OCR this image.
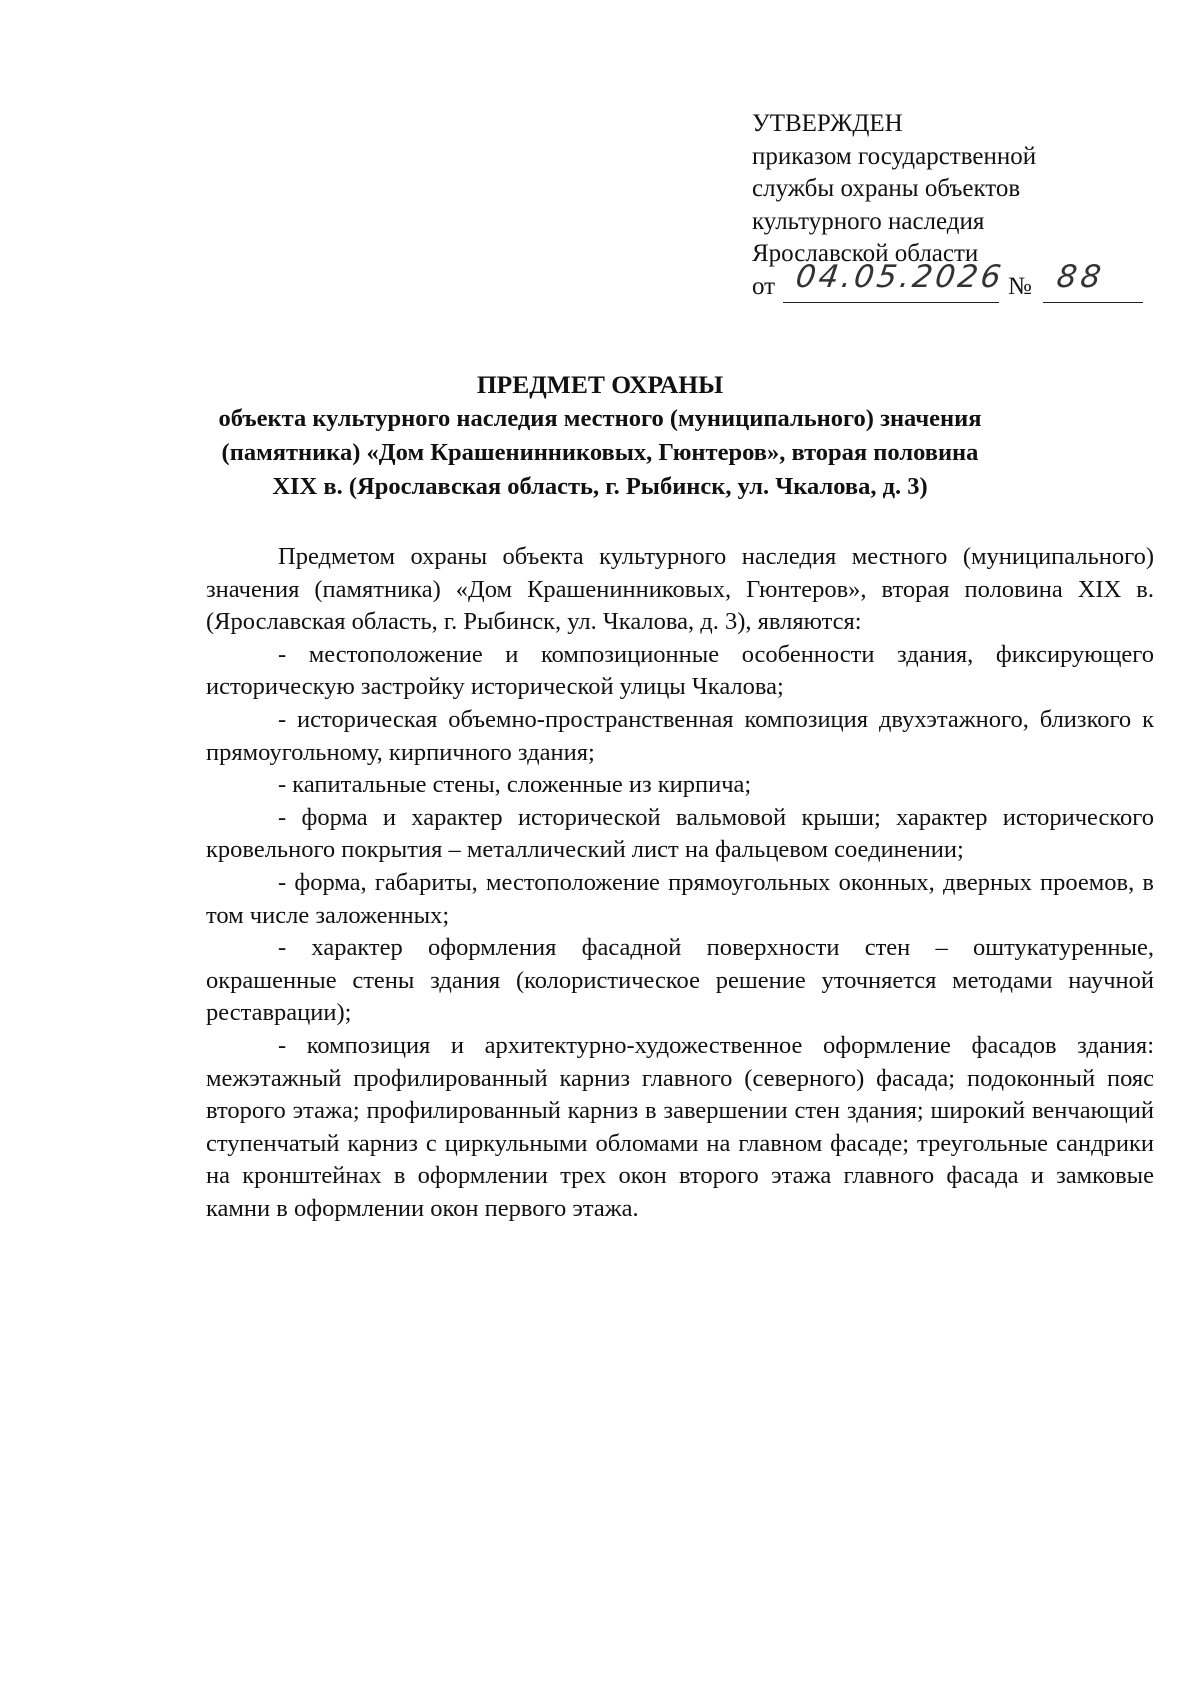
УТВЕРЖДЕН
приказом государственной
службы охраны объектов
культурного наследия
Ярославской области
от 04.05.2026 № 88
ПРЕДМЕТ ОХРАНЫ
объекта культурного наследия местного (муниципального) значения
(памятника) «Дом Крашенинниковых, Гюнтеров», вторая половина
XIX в. (Ярославская область, г. Рыбинск, ул. Чкалова, д. 3)

Предметом охраны объекта культурного наследия местного (муниципального) значения (памятника) «Дом Крашенинниковых, Гюнтеров», вторая половина XIX в. (Ярославская область, г. Рыбинск, ул. Чкалова, д. 3), являются:

- местоположение и композиционные особенности здания, фиксирующего историческую застройку исторической улицы Чкалова;

- историческая объемно-пространственная композиция двухэтажного, близкого к прямоугольному, кирпичного здания;

- капитальные стены, сложенные из кирпича;

- форма и характер исторической вальмовой крыши; характер исторического кровельного покрытия – металлический лист на фальцевом соединении;

- форма, габариты, местоположение прямоугольных оконных, дверных проемов, в том числе заложенных;

- характер оформления фасадной поверхности стен – оштукатуренные, окрашенные стены здания (колористическое решение уточняется методами научной реставрации);

- композиция и архитектурно-художественное оформление фасадов здания: межэтажный профилированный карниз главного (северного) фасада; подоконный пояс второго этажа; профилированный карниз в завершении стен здания; широкий венчающий ступенчатый карниз с циркульными обломами на главном фасаде; треугольные сандрики на кронштейнах в оформлении трех окон второго этажа главного фасада и замковые камни в оформлении окон первого этажа.
